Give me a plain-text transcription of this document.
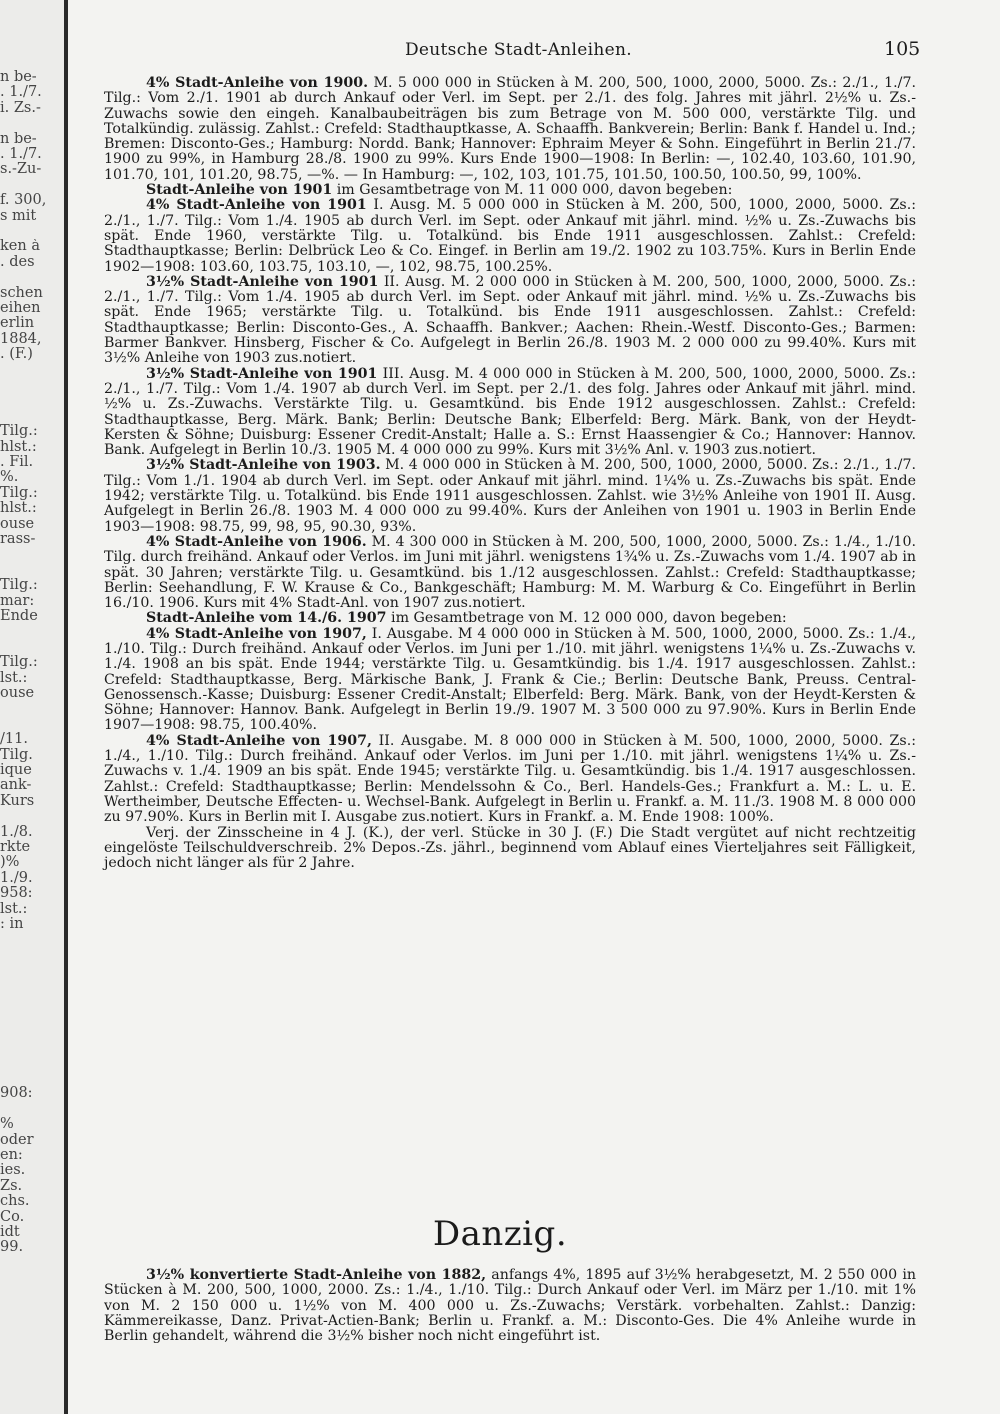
n be-
. 1./7.
i. Zs.-
n be-
. 1./7.
s.-Zu-
f. 300,
s mit
ken à
. des
schen
eihen
erlin
1884,
. (F.)
Tilg.:
hlst.:
. Fil.
%.
Tilg.:
hlst.:
ouse
rass-
Tilg.:
mar:
Ende
Tilg.:
lst.:
ouse
/11.
Tilg.
ique
ank-
Kurs
1./8.
rkte
)%
1./9.
958:
lst.:
: in
908:
%
oder
en:
ies.
Zs.
chs.
Co.
idt
99.
Deutsche Stadt-Anleihen.	105

4% Stadt-Anleihe von 1900. M. 5 000 000 in Stücken à M. 200, 500, 1000, 2000, 5000. Zs.: 2./1., 1./7. Tilg.: Vom 2./1. 1901 ab durch Ankauf oder Verl. im Sept. per 2./1. des folg. Jahres mit jährl. 2½% u. Zs.-Zuwachs sowie den eingeh. Kanalbaubeiträgen bis zum Betrage von M. 500 000, verstärkte Tilg. und Totalkündig. zulässig. Zahlst.: Crefeld: Stadthauptkasse, A. Schaaffh. Bankverein; Berlin: Bank f. Handel u. Ind.; Bremen: Disconto-Ges.; Hamburg: Nordd. Bank; Hannover: Ephraim Meyer & Sohn. Eingeführt in Berlin 21./7. 1900 zu 99%, in Hamburg 28./8. 1900 zu 99%. Kurs Ende 1900—1908: In Berlin: —, 102.40, 103.60, 101.90, 101.70, 101, 101.20, 98.75, —%. — In Hamburg: —, 102, 103, 101.75, 101.50, 100.50, 100.50, 99, 100%.

Stadt-Anleihe von 1901 im Gesamtbetrage von M. 11 000 000, davon begeben:

4% Stadt-Anleihe von 1901 I. Ausg. M. 5 000 000 in Stücken à M. 200, 500, 1000, 2000, 5000. Zs.: 2./1., 1./7. Tilg.: Vom 1./4. 1905 ab durch Verl. im Sept. oder Ankauf mit jährl. mind. ½% u. Zs.-Zuwachs bis spät. Ende 1960, verstärkte Tilg. u. Totalkünd. bis Ende 1911 ausgeschlossen. Zahlst.: Crefeld: Stadthauptkasse; Berlin: Delbrück Leo & Co. Eingef. in Berlin am 19./2. 1902 zu 103.75%. Kurs in Berlin Ende 1902—1908: 103.60, 103.75, 103.10, —, 102, 98.75, 100.25%.

3½% Stadt-Anleihe von 1901 II. Ausg. M. 2 000 000 in Stücken à M. 200, 500, 1000, 2000, 5000. Zs.: 2./1., 1./7. Tilg.: Vom 1./4. 1905 ab durch Verl. im Sept. oder Ankauf mit jährl. mind. ½% u. Zs.-Zuwachs bis spät. Ende 1965; verstärkte Tilg. u. Totalkünd. bis Ende 1911 ausgeschlossen. Zahlst.: Crefeld: Stadthauptkasse; Berlin: Disconto-Ges., A. Schaaffh. Bankver.; Aachen: Rhein.-Westf. Disconto-Ges.; Barmen: Barmer Bankver. Hinsberg, Fischer & Co. Aufgelegt in Berlin 26./8. 1903 M. 2 000 000 zu 99.40%. Kurs mit 3½% Anleihe von 1903 zus.notiert.

3½% Stadt-Anleihe von 1901 III. Ausg. M. 4 000 000 in Stücken à M. 200, 500, 1000, 2000, 5000. Zs.: 2./1., 1./7. Tilg.: Vom 1./4. 1907 ab durch Verl. im Sept. per 2./1. des folg. Jahres oder Ankauf mit jährl. mind. ½% u. Zs.-Zuwachs. Verstärkte Tilg. u. Gesamtkünd. bis Ende 1912 ausgeschlossen. Zahlst.: Crefeld: Stadthauptkasse, Berg. Märk. Bank; Berlin: Deutsche Bank; Elberfeld: Berg. Märk. Bank, von der Heydt-Kersten & Söhne; Duisburg: Essener Credit-Anstalt; Halle a. S.: Ernst Haassengier & Co.; Hannover: Hannov. Bank. Aufgelegt in Berlin 10./3. 1905 M. 4 000 000 zu 99%. Kurs mit 3½% Anl. v. 1903 zus.notiert.

3½% Stadt-Anleihe von 1903. M. 4 000 000 in Stücken à M. 200, 500, 1000, 2000, 5000. Zs.: 2./1., 1./7. Tilg.: Vom 1./1. 1904 ab durch Verl. im Sept. oder Ankauf mit jährl. mind. 1¼% u. Zs.-Zuwachs bis spät. Ende 1942; verstärkte Tilg. u. Totalkünd. bis Ende 1911 ausgeschlossen. Zahlst. wie 3½% Anleihe von 1901 II. Ausg. Aufgelegt in Berlin 26./8. 1903 M. 4 000 000 zu 99.40%. Kurs der Anleihen von 1901 u. 1903 in Berlin Ende 1903—1908: 98.75, 99, 98, 95, 90.30, 93%.

4% Stadt-Anleihe von 1906. M. 4 300 000 in Stücken à M. 200, 500, 1000, 2000, 5000. Zs.: 1./4., 1./10. Tilg. durch freihänd. Ankauf oder Verlos. im Juni mit jährl. wenigstens 1¾% u. Zs.-Zuwachs vom 1./4. 1907 ab in spät. 30 Jahren; verstärkte Tilg. u. Gesamtkünd. bis 1./12 ausgeschlossen. Zahlst.: Crefeld: Stadthauptkasse; Berlin: Seehandlung, F. W. Krause & Co., Bankgeschäft; Hamburg: M. M. Warburg & Co. Eingeführt in Berlin 16./10. 1906. Kurs mit 4% Stadt-Anl. von 1907 zus.notiert.

Stadt-Anleihe vom 14./6. 1907 im Gesamtbetrage von M. 12 000 000, davon begeben:

4% Stadt-Anleihe von 1907, I. Ausgabe. M 4 000 000 in Stücken à M. 500, 1000, 2000, 5000. Zs.: 1./4., 1./10. Tilg.: Durch freihänd. Ankauf oder Verlos. im Juni per 1./10. mit jährl. wenigstens 1¼% u. Zs.-Zuwachs v. 1./4. 1908 an bis spät. Ende 1944; verstärkte Tilg. u. Gesamtkündig. bis 1./4. 1917 ausgeschlossen. Zahlst.: Crefeld: Stadthauptkasse, Berg. Märkische Bank, J. Frank & Cie.; Berlin: Deutsche Bank, Preuss. Central-Genossensch.-Kasse; Duisburg: Essener Credit-Anstalt; Elberfeld: Berg. Märk. Bank, von der Heydt-Kersten & Söhne; Hannover: Hannov. Bank. Aufgelegt in Berlin 19./9. 1907 M. 3 500 000 zu 97.90%. Kurs in Berlin Ende 1907—1908: 98.75, 100.40%.

4% Stadt-Anleihe von 1907, II. Ausgabe. M. 8 000 000 in Stücken à M. 500, 1000, 2000, 5000. Zs.: 1./4., 1./10. Tilg.: Durch freihänd. Ankauf oder Verlos. im Juni per 1./10. mit jährl. wenigstens 1¼% u. Zs.-Zuwachs v. 1./4. 1909 an bis spät. Ende 1945; verstärkte Tilg. u. Gesamtkündig. bis 1./4. 1917 ausgeschlossen. Zahlst.: Crefeld: Stadthauptkasse; Berlin: Mendelssohn & Co., Berl. Handels-Ges.; Frankfurt a. M.: L. u. E. Wertheimber, Deutsche Effecten- u. Wechsel-Bank. Aufgelegt in Berlin u. Frankf. a. M. 11./3. 1908 M. 8 000 000 zu 97.90%. Kurs in Berlin mit I. Ausgabe zus.notiert. Kurs in Frankf. a. M. Ende 1908: 100%.

Verj. der Zinsscheine in 4 J. (K.), der verl. Stücke in 30 J. (F.) Die Stadt vergütet auf nicht rechtzeitig eingelöste Teilschuldverschreib. 2% Depos.-Zs. jährl., beginnend vom Ablauf eines Vierteljahres seit Fälligkeit, jedoch nicht länger als für 2 Jahre.

Danzig.

3½% konvertierte Stadt-Anleihe von 1882, anfangs 4%, 1895 auf 3½% herabgesetzt, M. 2 550 000 in Stücken à M. 200, 500, 1000, 2000. Zs.: 1./4., 1./10. Tilg.: Durch Ankauf oder Verl. im März per 1./10. mit 1% von M. 2 150 000 u. 1½% von M. 400 000 u. Zs.-Zuwachs; Verstärk. vorbehalten. Zahlst.: Danzig: Kämmereikasse, Danz. Privat-Actien-Bank; Berlin u. Frankf. a. M.: Disconto-Ges. Die 4% Anleihe wurde in Berlin gehandelt, während die 3½% bisher noch nicht eingeführt ist.
